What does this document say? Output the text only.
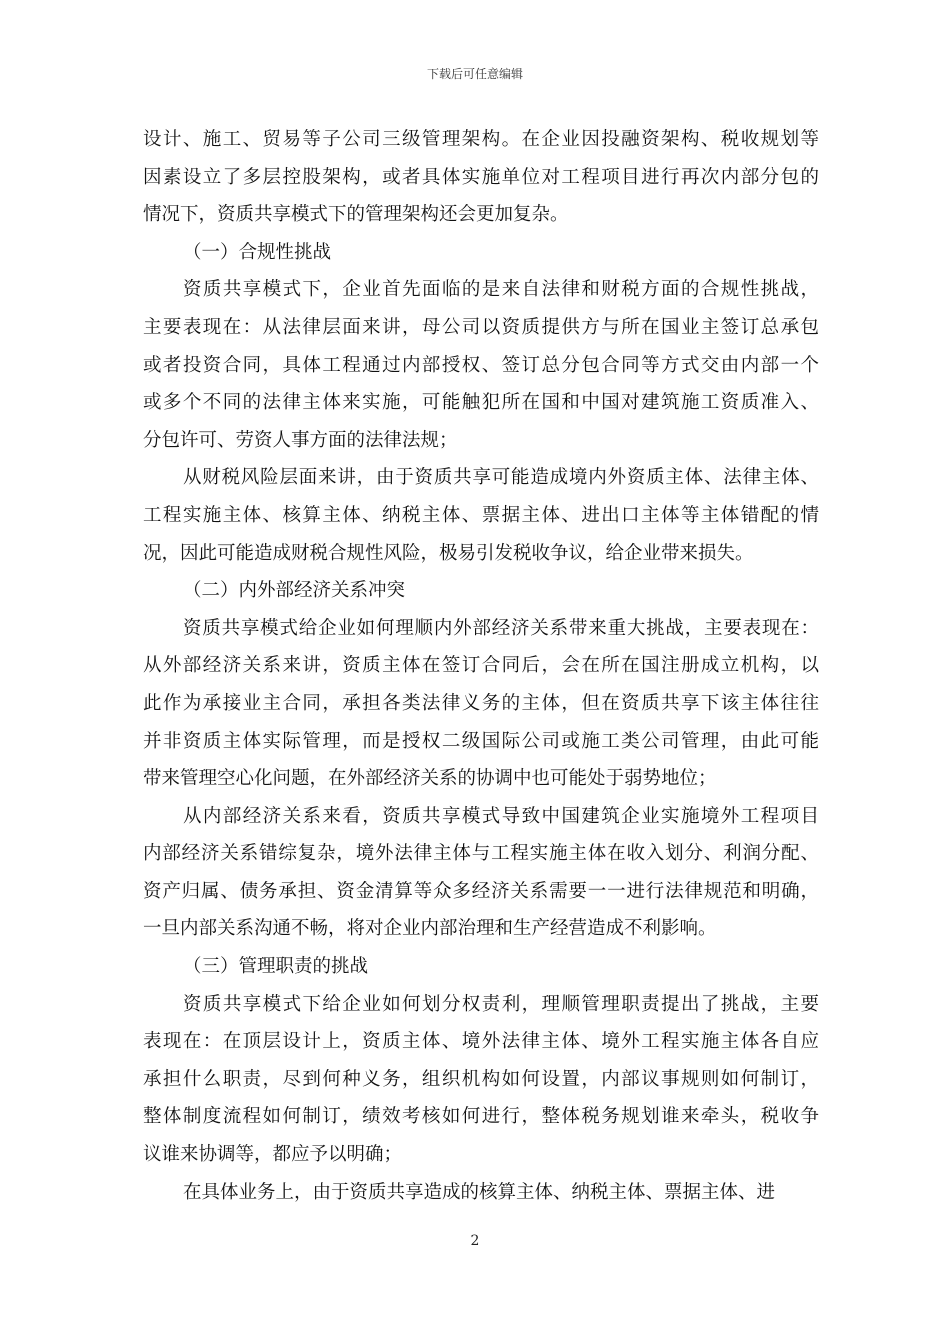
下载后可任意编辑
设计、施工、贸易等子公司三级管理架构。在企业因投融资架构、税收规划等
因素设立了多层控股架构，或者具体实施单位对工程项目进行再次内部分包的
情况下，资质共享模式下的管理架构还会更加复杂。
（一）合规性挑战
资质共享模式下，企业首先面临的是来自法律和财税方面的合规性挑战，
主要表现在：从法律层面来讲，母公司以资质提供方与所在国业主签订总承包
或者投资合同，具体工程通过内部授权、签订总分包合同等方式交由内部一个
或多个不同的法律主体来实施，可能触犯所在国和中国对建筑施工资质准入、
分包许可、劳资人事方面的法律法规；
从财税风险层面来讲，由于资质共享可能造成境内外资质主体、法律主体、
工程实施主体、核算主体、纳税主体、票据主体、进出口主体等主体错配的情
况，因此可能造成财税合规性风险，极易引发税收争议，给企业带来损失。
（二）内外部经济关系冲突
资质共享模式给企业如何理顺内外部经济关系带来重大挑战，主要表现在：
从外部经济关系来讲，资质主体在签订合同后，会在所在国注册成立机构，以
此作为承接业主合同，承担各类法律义务的主体，但在资质共享下该主体往往
并非资质主体实际管理，而是授权二级国际公司或施工类公司管理，由此可能
带来管理空心化问题，在外部经济关系的协调中也可能处于弱势地位；
从内部经济关系来看，资质共享模式导致中国建筑企业实施境外工程项目
内部经济关系错综复杂，境外法律主体与工程实施主体在收入划分、利润分配、
资产归属、债务承担、资金清算等众多经济关系需要一一进行法律规范和明确，
一旦内部关系沟通不畅，将对企业内部治理和生产经营造成不利影响。
（三）管理职责的挑战
资质共享模式下给企业如何划分权责利，理顺管理职责提出了挑战，主要
表现在：在顶层设计上，资质主体、境外法律主体、境外工程实施主体各自应
承担什么职责，尽到何种义务，组织机构如何设置，内部议事规则如何制订，
整体制度流程如何制订，绩效考核如何进行，整体税务规划谁来牵头，税收争
议谁来协调等，都应予以明确；
在具体业务上，由于资质共享造成的核算主体、纳税主体、票据主体、进
2
